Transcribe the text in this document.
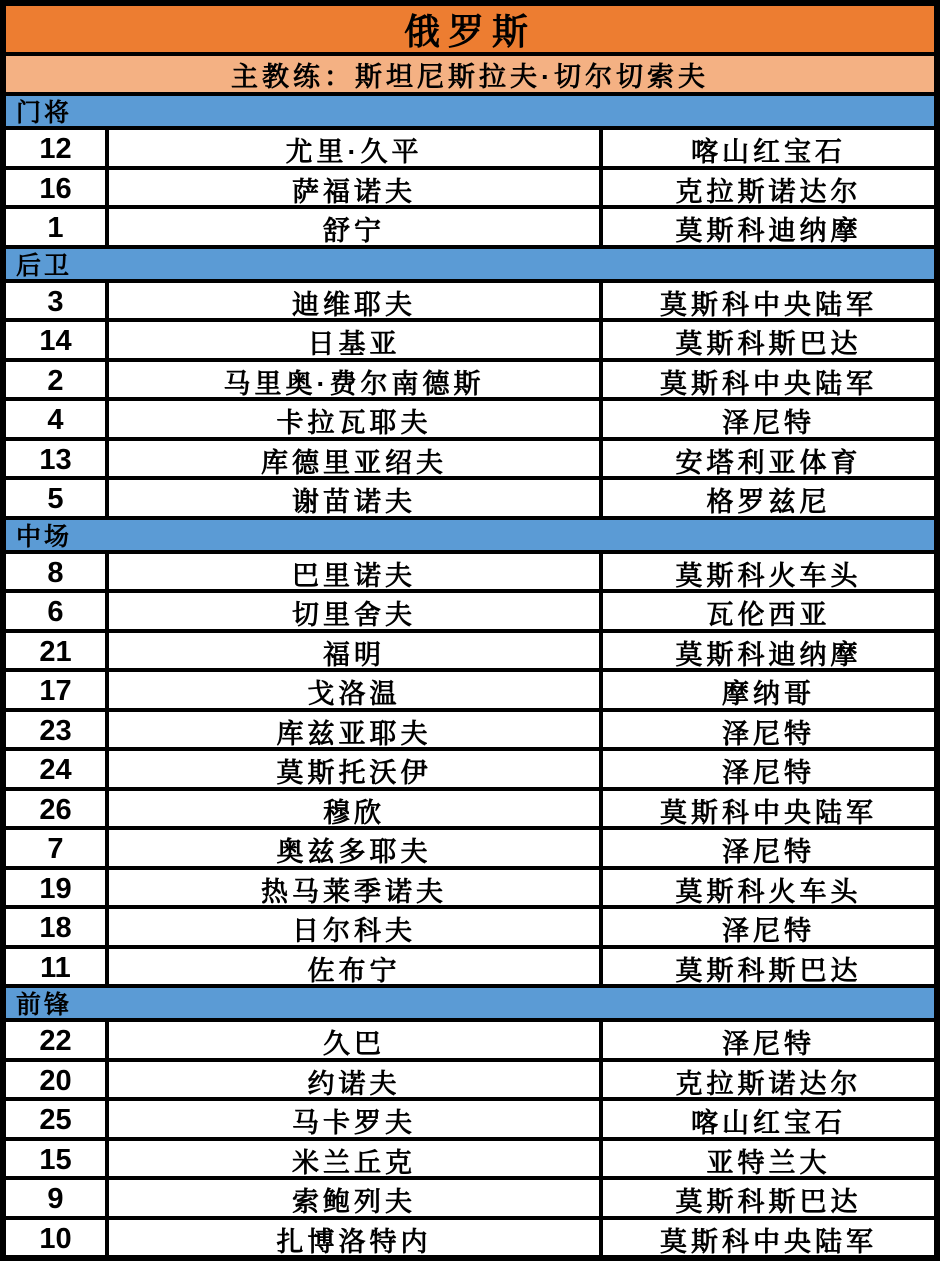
俄罗斯
主教练：斯坦尼斯拉夫·切尔切索夫
门将
12	尤里·久平	喀山红宝石
16	萨福诺夫	克拉斯诺达尔
1	舒宁	莫斯科迪纳摩
后卫
3	迪维耶夫	莫斯科中央陆军
14	日基亚	莫斯科斯巴达
2	马里奥·费尔南德斯	莫斯科中央陆军
4	卡拉瓦耶夫	泽尼特
13	库德里亚绍夫	安塔利亚体育
5	谢苗诺夫	格罗兹尼
中场
8	巴里诺夫	莫斯科火车头
6	切里舍夫	瓦伦西亚
21	福明	莫斯科迪纳摩
17	戈洛温	摩纳哥
23	库兹亚耶夫	泽尼特
24	莫斯托沃伊	泽尼特
26	穆欣	莫斯科中央陆军
7	奥兹多耶夫	泽尼特
19	热马莱季诺夫	莫斯科火车头
18	日尔科夫	泽尼特
11	佐布宁	莫斯科斯巴达
前锋
22	久巴	泽尼特
20	约诺夫	克拉斯诺达尔
25	马卡罗夫	喀山红宝石
15	米兰丘克	亚特兰大
9	索鲍列夫	莫斯科斯巴达
10	扎博洛特内	莫斯科中央陆军
